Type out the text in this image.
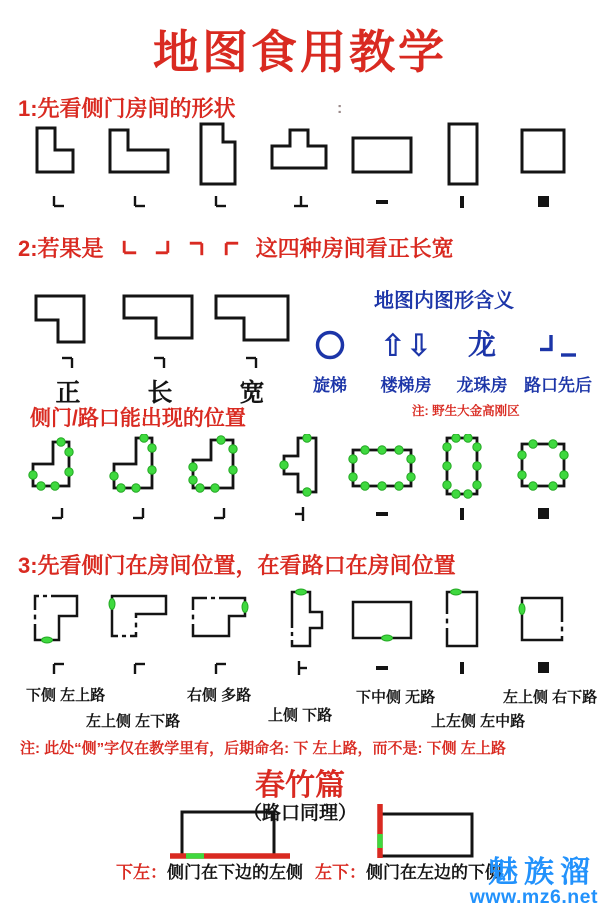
地图食用教学
1:先看侧门房间的形状	:
2:若果是	这四种房间看正长宽
正	长	宽
地图内图形含义
旋梯
⇧⇩
楼梯房
龙
龙珠房 路口先后
注: 野生大金高刚区
侧门/路口能出现的位置
3:先看侧门在房间位置，在看路口在房间位置
下侧 左上路
左上侧 左下路
右侧 多路
上侧 下路
下中侧 无路
上左侧 左中路
左上侧 右下路
注: 此处“侧”字仅在教学里有，后期命名: 下 左上路，而不是: 下侧 左上路
春竹篇
（路口同理）
下左：侧门在下边的左侧 左下：侧门在左边的下侧
魅族溜
www.mz6.net
